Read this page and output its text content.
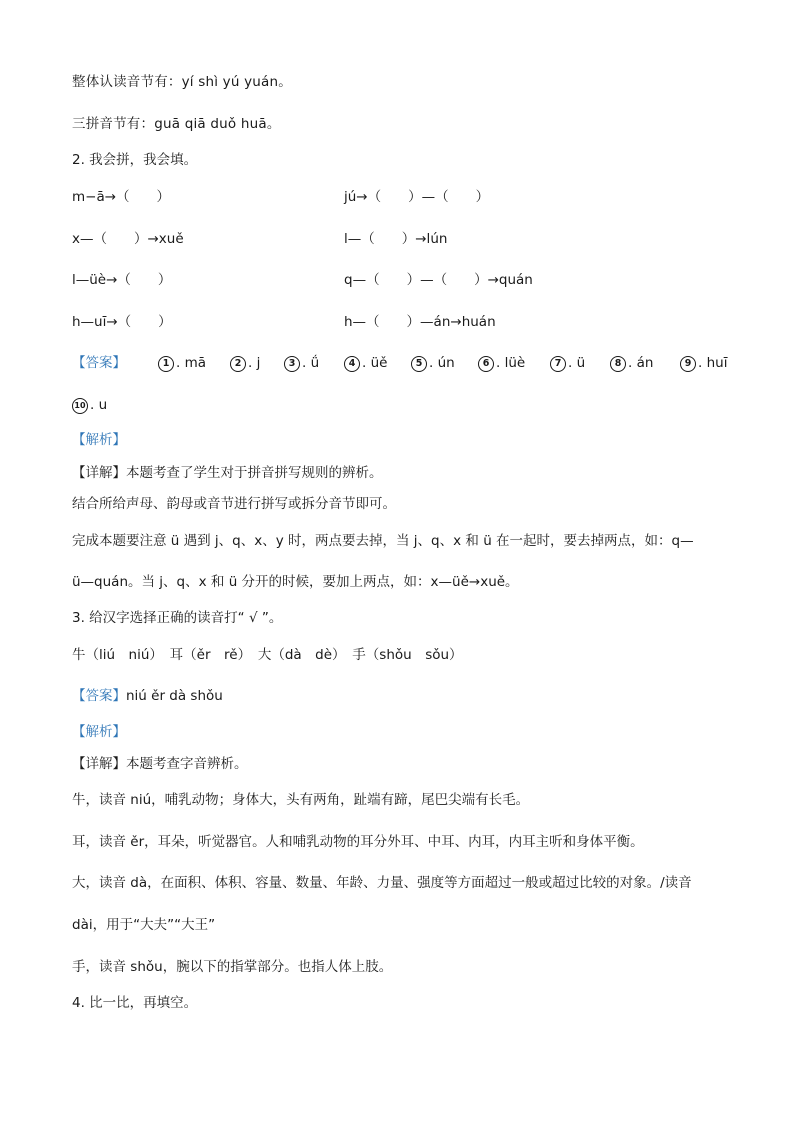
整体认读音节有：yí shì yú yuán。
三拼音节有：guā qiā duǒ huā。
2. 我会拼，我会填。
m−ā→（　　）	jú→（　　）—（　　）
x—（　　）→xuě	l—（　　）→lún
l—üè→（　　）	q—（　　）—（　　）→quán
h—uī→（　　）	h—（　　）—án→huán
【答案】	1 . mā	2 . j	3 . ǘ	4 . üě	5 . ún	6 . lüè	7 . ü	8 . án	9 . huī
10 . u
【解析】
【详解】本题考查了学生对于拼音拼写规则的辨析。
结合所给声母、韵母或音节进行拼写或拆分音节即可。
完成本题要注意 ü 遇到 j、q、x、y 时，两点要去掉，当 j、q、x 和 ü 在一起时，要去掉两点，如：q—
ü—quán。当 j、q、x 和 ü 分开的时候，要加上两点，如：x—üě→xuě。
3. 给汉字选择正确的读音打“ √ ”。
牛（liú　niú）　耳（ěr　rě）　大（dà　dè）　手（shǒu　sǒu）
【答案】niú ěr dà shǒu
【解析】
【详解】本题考查字音辨析。
牛，读音 niú，哺乳动物；身体大，头有两角，趾端有蹄，尾巴尖端有长毛。
耳，读音 ěr，耳朵，听觉器官。人和哺乳动物的耳分外耳、中耳、内耳，内耳主听和身体平衡。
大，读音 dà，在面积、体积、容量、数量、年龄、力量、强度等方面超过一般或超过比较的对象。/读音
dài，用于“大夫”“大王”
手，读音 shǒu，腕以下的指掌部分。也指人体上肢。
4. 比一比，再填空。
